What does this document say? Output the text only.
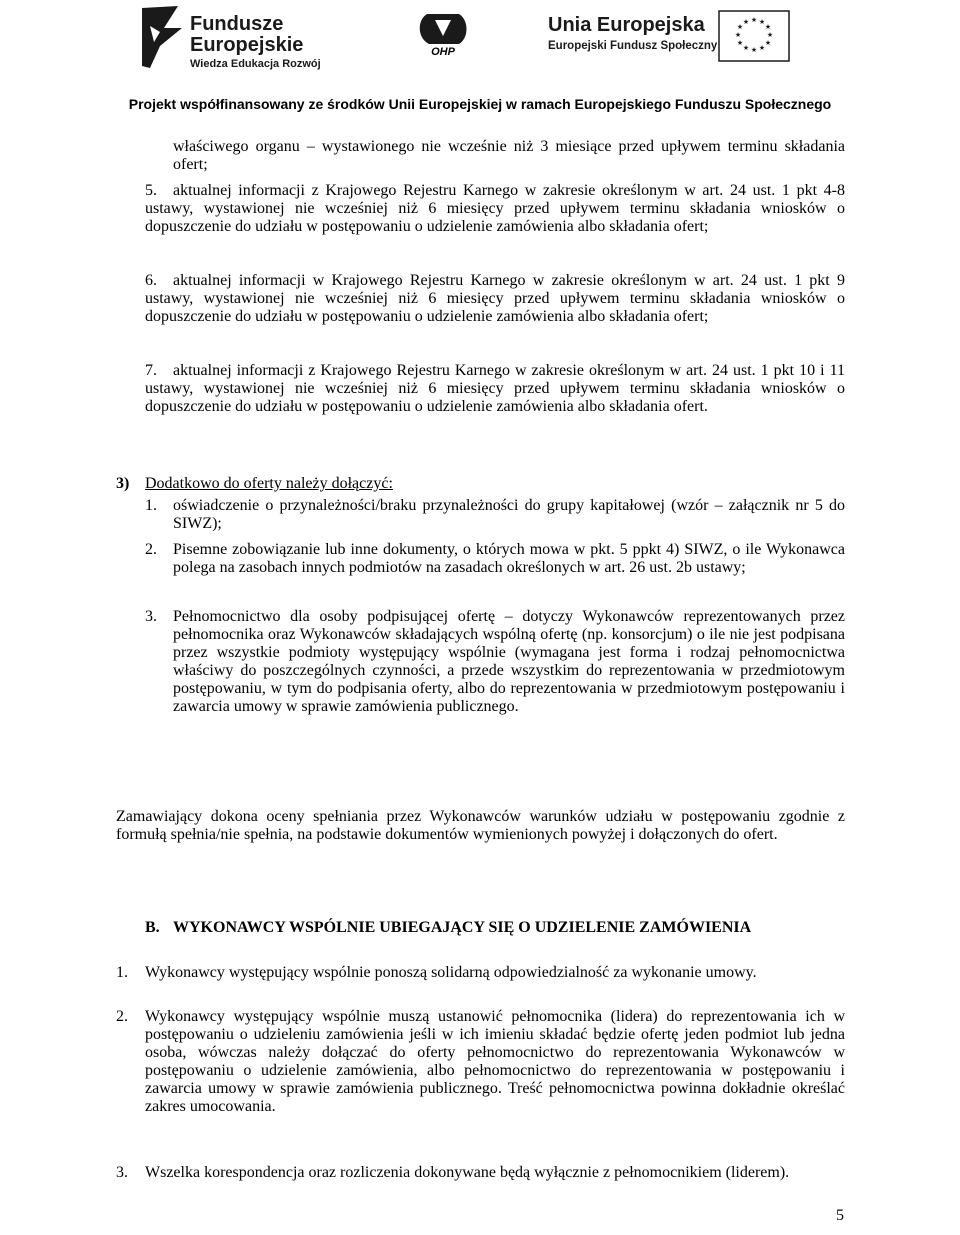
Fundusze
Europejskie
Wiedza Edukacja Rozwój
OHP
Unia Europejska
Europejski Fundusz Społeczny
★ ★
★
★
★
★
★
★
★
★
★
★
Projekt współfinansowany ze środków Unii Europejskiej w ramach Europejskiego Funduszu Społecznego
właściwego organu – wystawionego nie wcześnie niż 3 miesiące przed upływem terminu składania ofert;
5.	aktualnej informacji z Krajowego Rejestru Karnego w zakresie określonym w art. 24 ust. 1 pkt 4-8 ustawy, wystawionej nie wcześniej niż 6 miesięcy przed upływem terminu składania wniosków o dopuszczenie do udziału w postępowaniu o udzielenie zamówienia albo składania ofert;
6.	aktualnej informacji w Krajowego Rejestru Karnego w zakresie określonym w art. 24 ust. 1 pkt 9 ustawy, wystawionej nie wcześniej niż 6 miesięcy przed upływem terminu składania wniosków o dopuszczenie do udziału w postępowaniu o udzielenie zamówienia albo składania ofert;
7.	aktualnej informacji z Krajowego Rejestru Karnego w zakresie określonym w art. 24 ust. 1 pkt 10 i 11 ustawy, wystawionej nie wcześniej niż 6 miesięcy przed upływem terminu składania wniosków o dopuszczenie do udziału w postępowaniu o udzielenie zamówienia albo składania ofert.
3) Dodatkowo do oferty należy dołączyć:
1. oświadczenie o przynależności/braku przynależności do grupy kapitałowej (wzór – załącznik nr 5 do SIWZ);
2. Pisemne zobowiązanie lub inne dokumenty, o których mowa w pkt. 5 ppkt 4) SIWZ, o ile Wykonawca polega na zasobach innych podmiotów na zasadach określonych w art. 26 ust. 2b ustawy;
3. Pełnomocnictwo dla osoby podpisującej ofertę – dotyczy Wykonawców reprezentowanych przez pełnomocnika oraz Wykonawców składających wspólną ofertę (np. konsorcjum) o ile nie jest podpisana przez wszystkie podmioty występujący wspólnie (wymagana jest forma i rodzaj pełnomocnictwa właściwy do poszczególnych czynności, a przede wszystkim do reprezentowania w przedmiotowym postępowaniu, w tym do podpisania oferty, albo do reprezentowania w przedmiotowym postępowaniu i zawarcia umowy w sprawie zamówienia publicznego.
Zamawiający dokona oceny spełniania przez Wykonawców warunków udziału w postępowaniu zgodnie z formułą spełnia/nie spełnia, na podstawie dokumentów wymienionych powyżej i dołączonych do ofert.
B. WYKONAWCY WSPÓLNIE UBIEGAJĄCY SIĘ O UDZIELENIE ZAMÓWIENIA
1. Wykonawcy występujący wspólnie ponoszą solidarną odpowiedzialność za wykonanie umowy.
2. Wykonawcy występujący wspólnie muszą ustanowić pełnomocnika (lidera) do reprezentowania ich w postępowaniu o udzieleniu zamówienia jeśli w ich imieniu składać będzie ofertę jeden podmiot lub jedna osoba, wówczas należy dołączać do oferty pełnomocnictwo do reprezentowania Wykonawców w postępowaniu o udzielenie zamówienia, albo pełnomocnictwo do reprezentowania w postępowaniu i zawarcia umowy w sprawie zamówienia publicznego. Treść pełnomocnictwa powinna dokładnie określać zakres umocowania.
3. Wszelka korespondencja oraz rozliczenia dokonywane będą wyłącznie z pełnomocnikiem (liderem).
5
